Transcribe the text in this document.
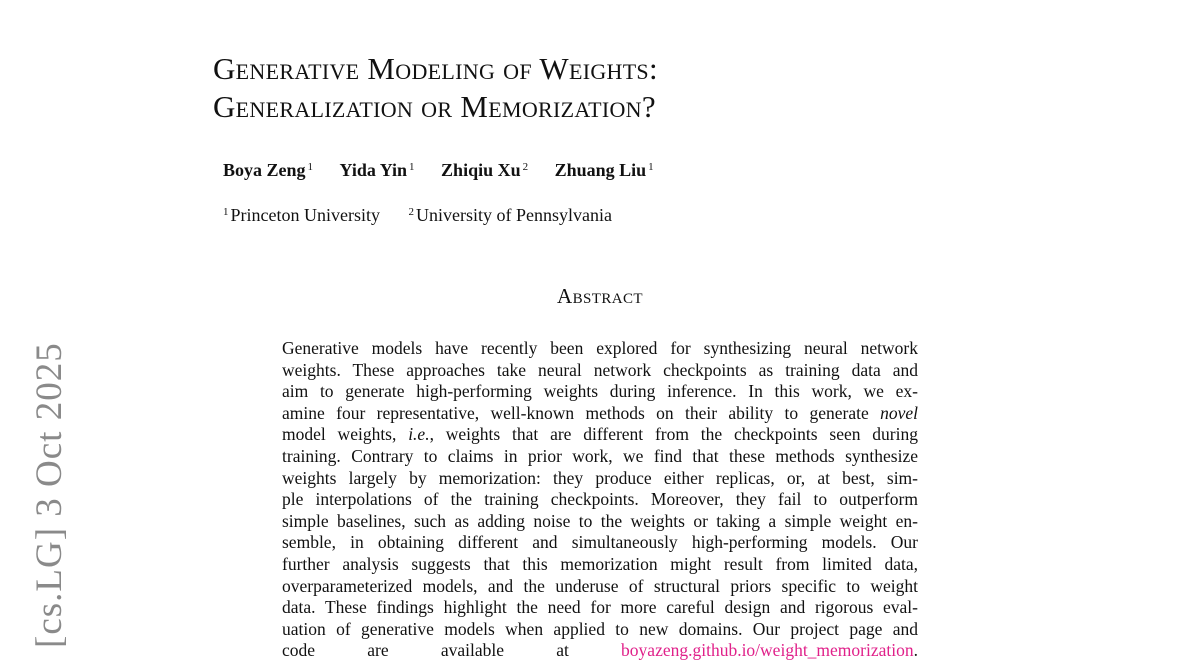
Generative Modeling of Weights:
Generalization or Memorization?
Boya Zeng $^1$ Yida Yin $^1$ Zhiqiu Xu $^2$ Zhuang Liu $^1$
$^1$ Princeton University	$^2$ University of Pennsylvania
Abstract
Generative models have recently been explored for synthesizing neural network
weights. These approaches take neural network checkpoints as training data and
aim to generate high-performing weights during inference. In this work, we ex-
amine four representative, well-known methods on their ability to generate novel
model weights, i.e., weights that are different from the checkpoints seen during
training. Contrary to claims in prior work, we find that these methods synthesize
weights largely by memorization: they produce either replicas, or, at best, sim-
ple interpolations of the training checkpoints. Moreover, they fail to outperform
simple baselines, such as adding noise to the weights or taking a simple weight en-
semble, in obtaining different and simultaneously high-performing models. Our
further analysis suggests that this memorization might result from limited data,
overparameterized models, and the underuse of structural priors specific to weight
data. These findings highlight the need for more careful design and rigorous eval-
uation of generative models when applied to new domains. Our project page and
code are available at boyazeng.github.io/weight_memorization.
[cs.LG] 3 Oct 2025
